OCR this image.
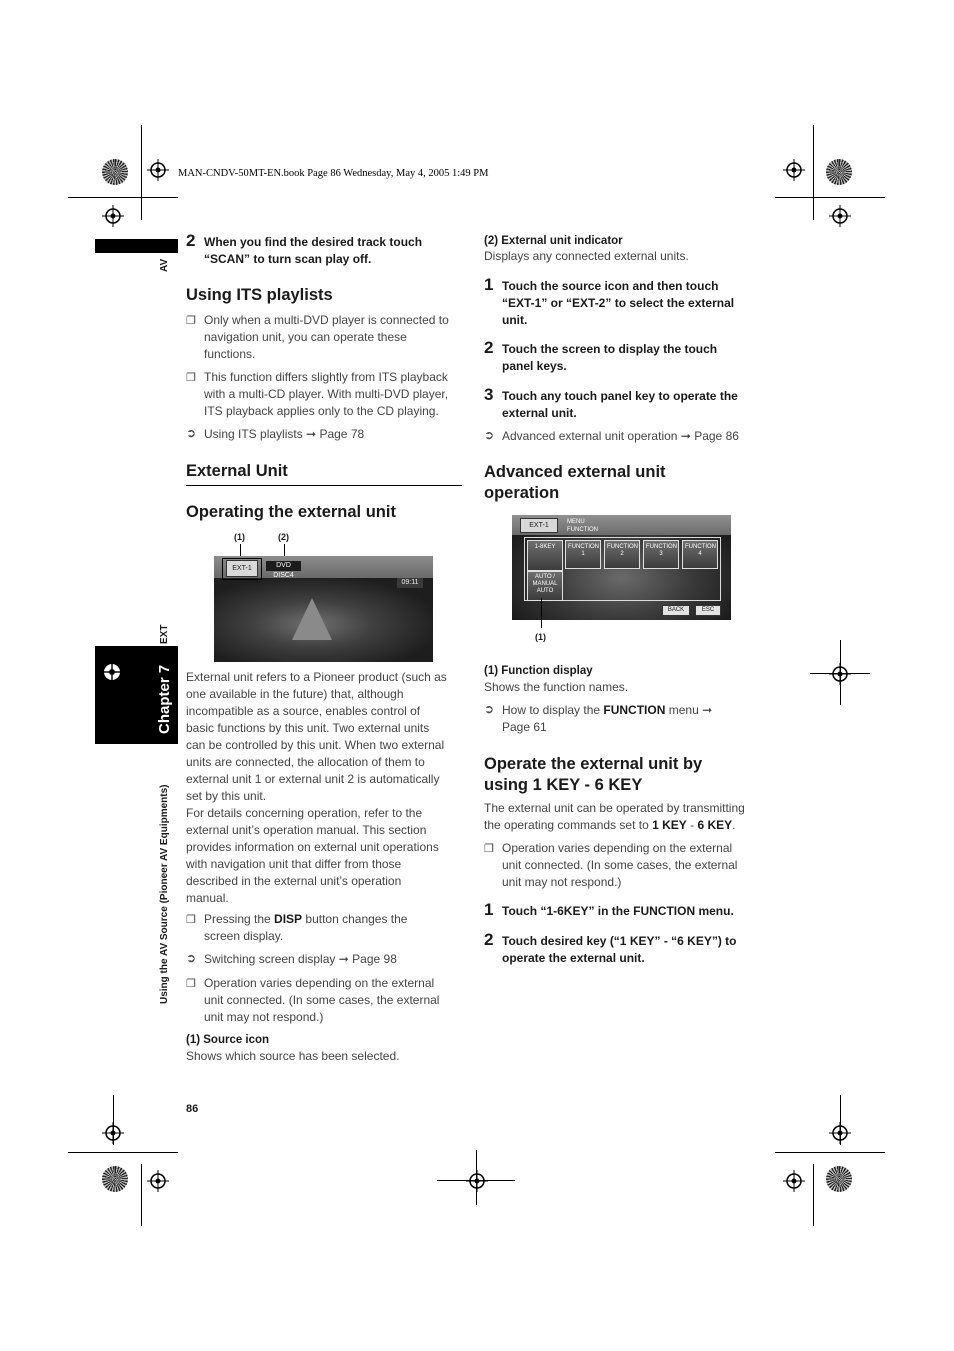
MAN-CNDV-50MT-EN.book Page 86 Wednesday, May 4, 2005 1:49 PM
AV
EXT
Chapter 7
Using the AV Source (Pioneer AV Equipments)
2 When you find the desired track touch
“SCAN” to turn scan play off.
Using ITS playlists
❐ Only when a multi-DVD player is connected to
navigation unit, you can operate these
functions.
❐ This function differs slightly from ITS playback
with a multi-CD player. With multi-DVD player,
ITS playback applies only to the CD playing.
➲ Using ITS playlists ➞ Page 78
External Unit
Operating the external unit
(1)	(2)
EXT-1	DVD DISC4
09:11
External unit refers to a Pioneer product (such as
one available in the future) that, although
incompatible as a source, enables control of
basic functions by this unit. Two external units
can be controlled by this unit. When two external
units are connected, the allocation of them to
external unit 1 or external unit 2 is automatically
set by this unit.
For details concerning operation, refer to the
external unit’s operation manual. This section
provides information on external unit operations
with navigation unit that differ from those
described in the external unit’s operation
manual.
❐ Pressing the DISP button changes the
screen display.
➲ Switching screen display ➞ Page 98
❐ Operation varies depending on the external
unit connected. (In some cases, the external
unit may not respond.)
(1) Source icon
Shows which source has been selected.
86
(2) External unit indicator
Displays any connected external units.
1 Touch the source icon and then touch
“EXT-1” or “EXT-2” to select the external
unit.
2 Touch the screen to display the touch
panel keys.
3 Touch any touch panel key to operate the
external unit.
➲ Advanced external unit operation ➞ Page 86
Advanced external unit
operation
EXT-1	MENU
FUNCTION
1-8KEY	FUNCTION 1
FUNCTION 2
FUNCTION 3
FUNCTION 4
AUTO / MANUAL AUTO
BACK	ESC
(1)
(1) Function display
Shows the function names.
➲ How to display the FUNCTION menu ➞
Page 61
Operate the external unit by
using 1 KEY - 6 KEY
The external unit can be operated by transmitting
the operating commands set to 1 KEY - 6 KEY.
❐ Operation varies depending on the external
unit connected. (In some cases, the external
unit may not respond.)
1 Touch “1-6KEY” in the FUNCTION menu.
2 Touch desired key (“1 KEY” - “6 KEY”) to
operate the external unit.
